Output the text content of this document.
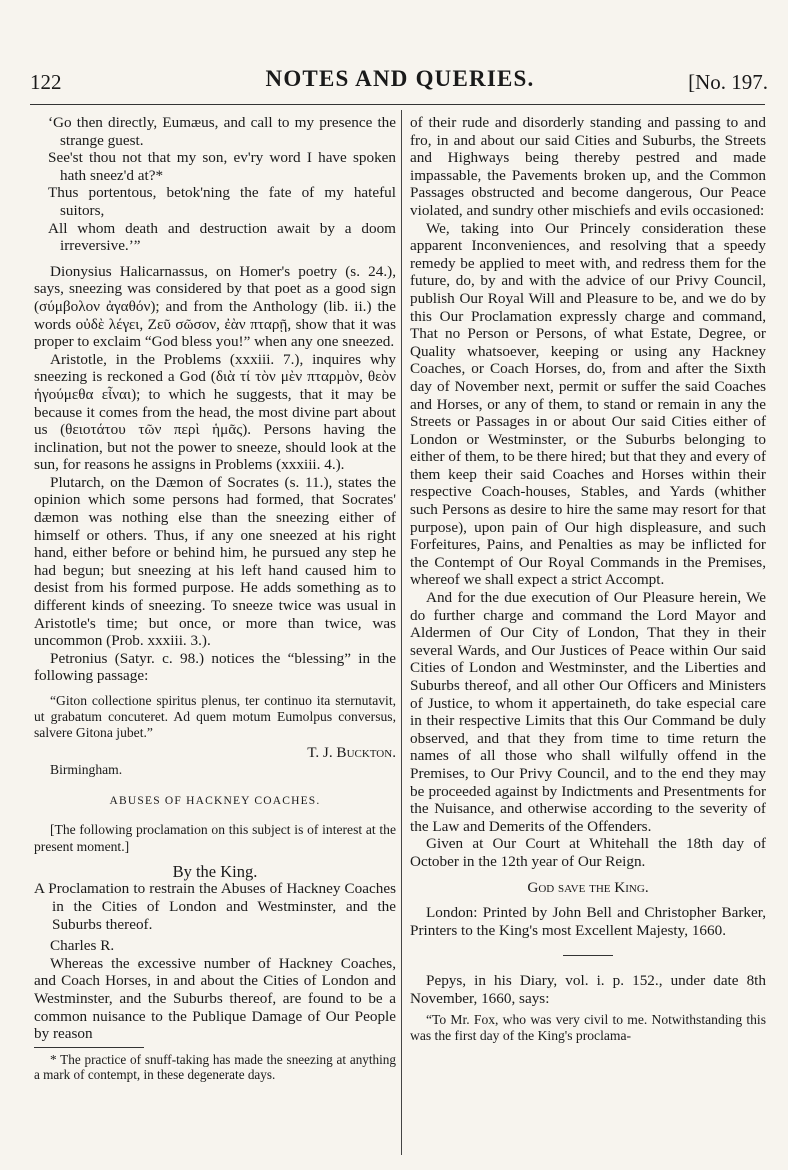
122	NOTES AND QUERIES.	[No. 197.

‘Go then directly, Eumæus, and call to my presence the strange guest.

See'st thou not that my son, ev'ry word I have spoken hath sneez'd at?*

Thus portentous, betok'ning the fate of my hateful suitors,

All whom death and destruction await by a doom irreversive.’”

Dionysius Halicarnassus, on Homer's poetry (s. 24.), says, sneezing was considered by that poet as a good sign (σύμβολον ἀγαθόν); and from the Anthology (lib. ii.) the words οὐδὲ λέγει, Ζεῦ σῶσον, ἐὰν πταρῇ, show that it was proper to exclaim “God bless you!” when any one sneezed.

Aristotle, in the Problems (xxxiii. 7.), inquires why sneezing is reckoned a God (διὰ τί τὸν μὲν πταρμὸν, θεὸν ἡγούμεθα εἶναι); to which he suggests, that it may be because it comes from the head, the most divine part about us (θειοτάτου τῶν περὶ ἡμᾶς). Persons having the inclination, but not the power to sneeze, should look at the sun, for reasons he assigns in Problems (xxxiii. 4.).

Plutarch, on the Dæmon of Socrates (s. 11.), states the opinion which some persons had formed, that Socrates' dæmon was nothing else than the sneezing either of himself or others. Thus, if any one sneezed at his right hand, either before or behind him, he pursued any step he had begun; but sneezing at his left hand caused him to desist from his formed purpose. He adds something as to different kinds of sneezing. To sneeze twice was usual in Aristotle's time; but once, or more than twice, was uncommon (Prob. xxxiii. 3.).

Petronius (Satyr. c. 98.) notices the “blessing” in the following passage:

“Giton collectione spiritus plenus, ter continuo ita sternutavit, ut grabatum concuteret. Ad quem motum Eumolpus conversus, salvere Gitona jubet.”

T. J. Buckton.

Birmingham.

ABUSES OF HACKNEY COACHES.

[The following proclamation on this subject is of interest at the present moment.]

By the King.

A Proclamation to restrain the Abuses of Hackney Coaches in the Cities of London and Westminster, and the Suburbs thereof.

Charles R.

Whereas the excessive number of Hackney Coaches, and Coach Horses, in and about the Cities of London and Westminster, and the Suburbs thereof, are found to be a common nuisance to the Publique Damage of Our People by reason

* The practice of snuff-taking has made the sneezing at anything a mark of contempt, in these degenerate days.

of their rude and disorderly standing and passing to and fro, in and about our said Cities and Suburbs, the Streets and Highways being thereby pestred and made impassable, the Pavements broken up, and the Common Passages obstructed and become dangerous, Our Peace violated, and sundry other mischiefs and evils occasioned:

We, taking into Our Princely consideration these apparent Inconveniences, and resolving that a speedy remedy be applied to meet with, and redress them for the future, do, by and with the advice of our Privy Council, publish Our Royal Will and Pleasure to be, and we do by this Our Proclamation expressly charge and command, That no Person or Persons, of what Estate, Degree, or Quality whatsoever, keeping or using any Hackney Coaches, or Coach Horses, do, from and after the Sixth day of November next, permit or suffer the said Coaches and Horses, or any of them, to stand or remain in any the Streets or Passages in or about Our said Cities either of London or Westminster, or the Suburbs belonging to either of them, to be there hired; but that they and every of them keep their said Coaches and Horses within their respective Coach-houses, Stables, and Yards (whither such Persons as desire to hire the same may resort for that purpose), upon pain of Our high displeasure, and such Forfeitures, Pains, and Penalties as may be inflicted for the Contempt of Our Royal Commands in the Premises, whereof we shall expect a strict Accompt.

And for the due execution of Our Pleasure herein, We do further charge and command the Lord Mayor and Aldermen of Our City of London, That they in their several Wards, and Our Justices of Peace within Our said Cities of London and Westminster, and the Liberties and Suburbs thereof, and all other Our Officers and Ministers of Justice, to whom it appertaineth, do take especial care in their respective Limits that this Our Command be duly observed, and that they from time to time return the names of all those who shall wilfully offend in the Premises, to Our Privy Council, and to the end they may be proceeded against by Indictments and Presentments for the Nuisance, and otherwise according to the severity of the Law and Demerits of the Offenders.

Given at Our Court at Whitehall the 18th day of October in the 12th year of Our Reign.

God save the King.

London: Printed by John Bell and Christopher Barker, Printers to the King's most Excellent Majesty, 1660.

Pepys, in his Diary, vol. i. p. 152., under date 8th November, 1660, says:

“To Mr. Fox, who was very civil to me. Notwithstanding this was the first day of the King's proclama-
